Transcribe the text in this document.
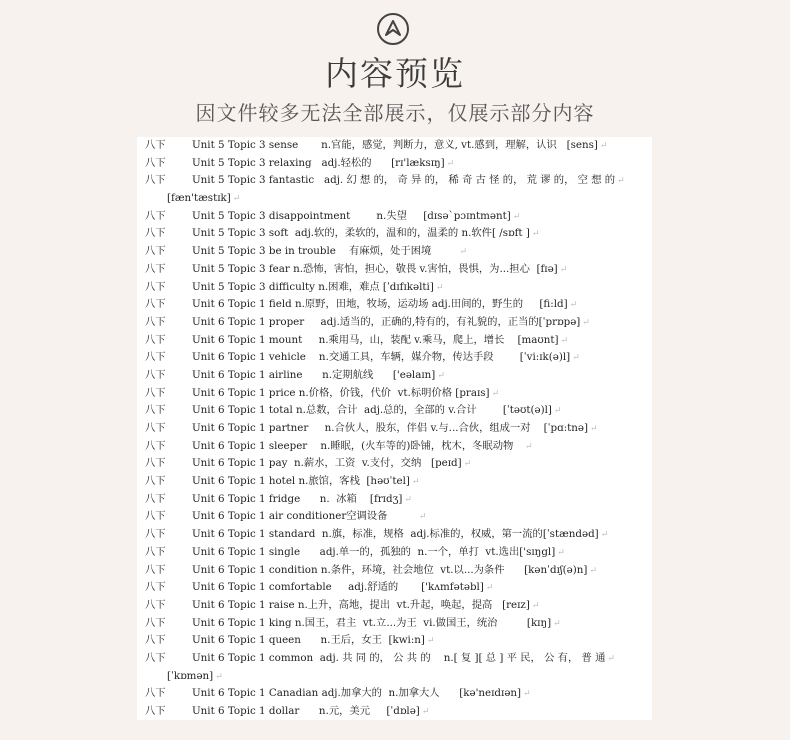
内容预览
因文件较多无法全部展示，仅展示部分内容
八下	Unit 5 Topic 3 sense       n.官能，感觉，判断力，意义, vt.感到，理解，认识   [sens] ↵
八下	Unit 5 Topic 3 relaxing   adj.轻松的      [rɪ'læksɪŋ] ↵
八下	Unit 5 Topic 3 fantastic   adj. 幻 想 的， 奇 异 的， 稀 奇 古 怪 的， 荒 谬 的， 空 想 的 ↵
[fæn'tæstɪk] ↵
八下	Unit 5 Topic 3 disappointment        n.失望     [dɪsə`pɔɪntmənt] ↵
八下	Unit 5 Topic 3 soft  adj.软的，柔软的，温和的，温柔的 n.软件[ /sɒft ] ↵
八下	Unit 5 Topic 3 be in trouble    有麻烦，处于困境        ↵
八下	Unit 5 Topic 3 fear n.恐怖，害怕，担心，敬畏 v.害怕，畏惧，为...担心  [fɪə] ↵
八下	Unit 5 Topic 3 difficulty n.困难，难点 [ˈdɪfɪkəlti] ↵
八下	Unit 6 Topic 1 field n.原野，田地，牧场，运动场 adj.田间的，野生的     [fi:ld] ↵
八下	Unit 6 Topic 1 proper     adj.适当的，正确的,特有的，有礼貌的，正当的[ˈprɒpə] ↵
八下	Unit 6 Topic 1 mount     n.乘用马，山，装配 v.乘马，爬上，增长    [maʊnt] ↵
八下	Unit 6 Topic 1 vehicle    n.交通工具，车辆，媒介物，传达手段        [ˈvi:ɪk(ə)l] ↵
八下	Unit 6 Topic 1 airline      n.定期航线      ['eəlaɪn] ↵
八下	Unit 6 Topic 1 price n.价格，价钱，代价  vt.标明价格 [praɪs] ↵
八下	Unit 6 Topic 1 total n.总数，合计  adj.总的，全部的 v.合计        [ˈtəʊt(ə)l] ↵
八下	Unit 6 Topic 1 partner     n.合伙人，股东，伴侣 v.与...合伙，组成一对    [ˈpɑ:tnə] ↵
八下	Unit 6 Topic 1 sleeper    n.睡眠，(火车等的)卧铺，枕木，冬眠动物   ↵
八下	Unit 6 Topic 1 pay  n.薪水，工资  v.支付，交纳   [peɪd] ↵
八下	Unit 6 Topic 1 hotel n.旅馆，客栈  [həʊˈtel] ↵
八下	Unit 6 Topic 1 fridge      n.  冰箱    [frɪdʒ] ↵
八下	Unit 6 Topic 1 air conditioner空调设备         ↵
八下	Unit 6 Topic 1 standard  n.旗，标准，规格  adj.标准的，权威，第一流的[ˈstændəd] ↵
八下	Unit 6 Topic 1 single      adj.单一的，孤独的  n.一个，单打  vt.选出['sɪŋgl] ↵
八下	Unit 6 Topic 1 condition n.条件，环境，社会地位  vt.以...为条件      [kənˈdɪʃ(ə)n] ↵
八下	Unit 6 Topic 1 comfortable     adj.舒适的       ['kʌmfətəbl] ↵
八下	Unit 6 Topic 1 raise n.上升，高地，提出  vt.升起，唤起，提高   [reɪz] ↵
八下	Unit 6 Topic 1 king n.国王，君主  vt.立...为王  vi.做国王，统治         [kɪŋ] ↵
八下	Unit 6 Topic 1 queen      n.王后，女王  [kwi:n] ↵
八下	Unit 6 Topic 1 common  adj. 共 同 的， 公 共 的    n.[ 复 ][ 总 ] 平 民， 公 有， 普 通 ↵
[ˈkɒmən] ↵
八下	Unit 6 Topic 1 Canadian adj.加拿大的  n.加拿大人      [kə'neɪdɪən] ↵
八下	Unit 6 Topic 1 dollar      n.元，美元     [ˈdɒlə] ↵
